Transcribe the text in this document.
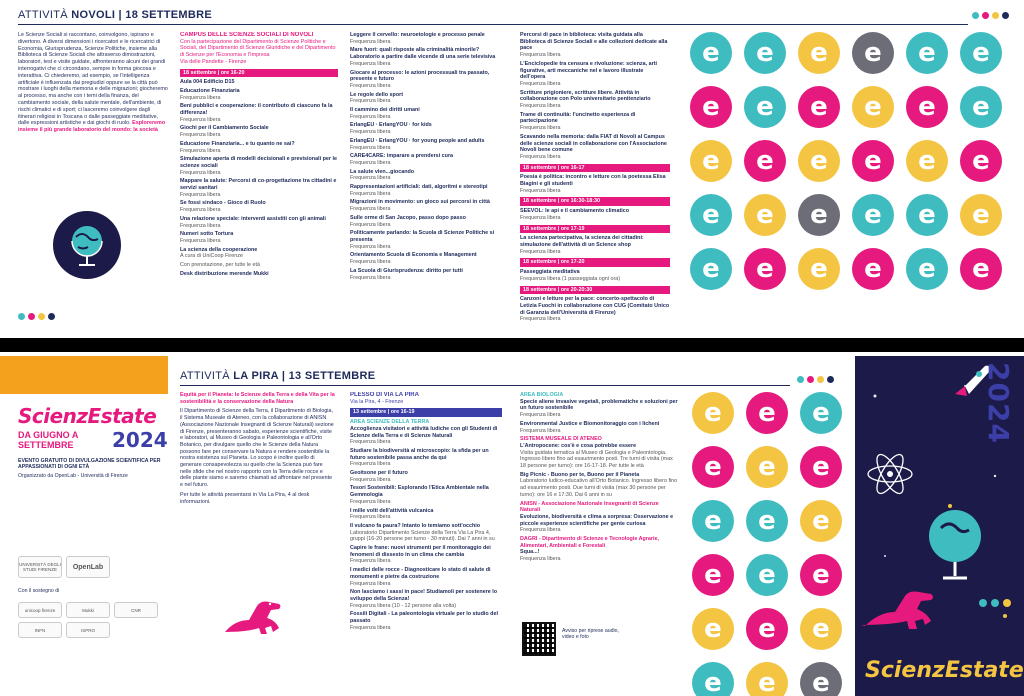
ATTIVITÀ NOVOLI | 18 SETTEMBRE
Le Scienze Sociali si raccontano, coinvolgono, ispirano e divertono. A diversi dimensioni i ricercatori e le ricercatrici di Economia, Giurisprudenza, Scienze Politiche, insieme alla Biblioteca di Scienze Sociali che attraverso dimostrazioni, laboratori, test e visite guidate, affronteranno alcuni dei grandi interrogativi che ci circondano, sempre in forma giocosa e interattiva. Ci chiederemo, ad esempio, se l'intelligenza artificiale è influenzata dai pregiudizi oppure se la città può mostrare i luoghi della memoria e delle migrazioni; giocheremo al processo, ma anche con i temi della finanza, del cambiamento sociale, della salute mentale, dell'ambiente, di rischi climatici e di sport; ci lasceremo coinvolgere dagli itinerari religiosi in Toscana o dalle passeggiate meditative, dalle espressioni artistiche e dai giochi di ruolo. Esploreremo insieme il più grande laboratorio del mondo: la società
CAMPUS DELLE SCIENZE SOCIALI DI NOVOLI
Con la partecipazione del Dipartimento di Scienze Politiche e Sociali, del Dipartimento di Scienze Giuridiche e del Dipartimento di Scienze per l'Economia e l'Impresa
Via delle Pandette - Firenze
18 settembre | ore 16-20
Aula 004 Edificio D15
Educazione Finanziaria
Frequenza libera
Beni pubblici e cooperazione: il contributo di ciascuno fa la differenza!
Frequenza libera
Giochi per il Cambiamento Sociale
Frequenza libera
Educazione Finanziaria... e tu quanto ne sai?
Frequenza libera
Simulazione aperta di modelli decisionali e previsionali per le scienze sociali
Frequenza libera
Mappare la salute: Percorsi di co-progettazione tra cittadini e servizi sanitari
Frequenza libera
Se fossi sindaco - Gioco di Ruolo
Frequenza libera
Una relazione speciale: interventi assistiti con gli animali
Frequenza libera
Numeri sotto Tortura
Frequenza libera
La scienza della cooperazione
A cura di UniCoop Firenze
Con prenotazione, per tutte le età
Desk distribuzione merende Mukki
Leggere il cervello: neuroetologie e processo penale
Frequenza libera
Mare fuori: quali risposte alla criminalità minorile? Laboratorio a partire dalle vicende di una serie televisiva
Frequenza libera
Giocare al processo: le azioni processuali tra passato, presente e futuro
Frequenza libera
Le regole dello sport
Frequenza libera
Il cammino dei diritti umani
Frequenza libera
ErlangEU · ErlangYOU · for kids
Frequenza libera
ErlangEU · ErlangYOU · for young people and adults
Frequenza libera
CARE4CARE: imparare a prendersi cura
Frequenza libera
La salute vien...giocando
Frequenza libera
Rappresentazioni artificiali: dati, algoritmi e stereotipi
Frequenza libera
Migrazioni in movimento: un gioco sui percorsi in città
Frequenza libera
Sulle orme di San Jacopo, passo dopo passo
Frequenza libera
Politicamente parlando: la Scuola di Scienze Politiche si presenta
Frequenza libera
Orientamento Scuola di Economia e Management
Frequenza libera
La Scuola di Giurisprudenza: diritto per tutti
Frequenza libera
Percorsi di pace in biblioteca: visita guidata alla Biblioteca di Scienze Sociali e alle collezioni dedicate alla pace
Frequenza libera
L'Enciclopedie tra censura e rivoluzione: scienza, arti figurative, arti meccaniche nel e lavoro illustrate dell'opera
Frequenza libera
Scritture prigioniere, scritture libere. Attività in collaborazione con Polo universitario penitenziario
Frequenza libera
Trame di continuità: l'uncinetto esperienza di partecipazione
Frequenza libera
Scavando nella memoria: dalla FIAT di Novoli al Campus delle scienze sociali in collaborazione con l'Associazione Novoli bene comune
Frequenza libera
18 settembre | ore 16-17
Poesia è politica: incontro e letture con la poetessa Elisa Biagini e gli studenti
Frequenza libera
18 settembre | ore 16:30-18:30
SEEVOL: le api e il cambiamento climatico
Frequenza libera
18 settembre | ore 17-19
La scienza partecipativa, la scienza dei cittadini: simulazione dell'attività di un Science shop
Frequenza libera
18 settembre | ore 17-20
Passeggiata meditativa
Frequenza libera (1 passeggiata ogni ora)
18 settembre | ore 20-20:30
Canzoni e letture per la pace: concerto-spettacolo di Letizia Fuochi in collaborazione con CUG (Comitato Unico di Garanzia dell'Università di Firenze)
Frequenza libera
e	e	e	e	e	e
e	e	e	e	e	e
e	e	e	e	e	e
e	e	e	e	e	e
e	e	e	e	e	e
ATTIVITÀ LA PIRA | 13 SETTEMBRE
ScienzEstate
DA GIUGNO A SETTEMBRE	2024
EVENTO GRATUITO DI DIVULGAZIONE SCIENTIFICA PER APPASSIONATI DI OGNI ETÀ
Organizzato da OpenLab - Università di Firenze
UNIVERSITÀ DEGLI STUDI FIRENZE	OpenLab
Con il sostegno di
unicoop firenze	Mukki	CNR
INFN	ISPRO
Equità per il Pianeta: le Scienze della Terra e della Vita per la sostenibilità e la conservazione della Natura
Il Dipartimento di Scienze della Terra, il Dipartimento di Biologia, il Sistema Museale di Ateneo, con la collaborazione di ANISN (Associazione Nazionale Insegnanti di Scienze Naturali) sezione di Firenze, presenteranno sabato, esperienze scientifiche, visite e laboratori, al Museo di Geologia e Paleontologia e all'Orto Botanico, per divulgare quello che le Scienze della Natura possono fare per conservare la Natura e rendere sostenibile la nostra esistenza sul Pianeta. Lo scopo è inoltre quello di generare consapevolezza su quello che la Scienza può fare nelle sfide che nel nostro rapporto con la Terra delle rocce e delle piante siamo e saremo chiamati ad affrontare nel presente e nel futuro.
Per tutte le attività presentarsi in Via La Pira, 4 al desk informazioni.
PLESSO DI VIA LA PIRA
Via la Pira, 4 - Firenze
13 settembre | ore 16-19
AREA SCIENZE DELLA TERRA
Accoglienza visitatori e attività ludiche con gli Studenti di Scienze della Terra e di Scienze Naturali
Frequenza libera
Studiare la biodiversità al microscopio: la sfida per un futuro sostenibile passa anche da qui
Frequenza libera
Geoitsone per il futuro
Frequenza libera
Tesori Sostenibili: Esplorando l'Etica Ambientale nella Gemmologia
Frequenza libera
I mille volti dell'attività vulcanica
Frequenza libera
Il vulcano fa paura? Intanto lo temiamo sott'occhio
Laboratorio Dipartimento Scienze della Terra Via La Pira 4, gruppi (16-20 persone per turno - 30 minuti). Dai 7 anni in su
Capire le frane: nuovi strumenti per il monitoraggio dei fenomeni di dissesto in un clima che cambia
Frequenza libera
I medici delle rocce - Diagnosticare lo stato di salute di monumenti e pietre da costruzione
Frequenza libera
Non lasciamo i sassi in pace! Studiamoli per sostenere lo sviluppo della Scienza!
Frequenza libera (10 - 12 persone alla volta)
Fossili Digitali - La paleontologia virtuale per lo studio del passato
Frequenza libera
AREA BIOLOGIA
Specie aliene invasive vegetali, problematiche e soluzioni per un futuro sostenibile
Frequenza libera
Environmental Justice e Biomonitoraggio con i licheni
Frequenza libera
SISTEMA MUSEALE DI ATENEO
L'Antropocene: cos'è e cosa potrebbe essere
Visita guidata tematica al Museo di Geologia e Paleontologia. Ingresso libero fino ad esaurimento posti. Tre turni di visita (max 18 persone per turno): ore 16-17-18. Per tutte le età
Big Picnic - Buono per te, Buono per il Pianeta
Laboratorio ludico-educativo all'Orto Botanico. Ingresso libero fino ad esaurimento posti. Due turni di visita (max 30 persone per turno): ore 16 e 17:30. Dai 6 anni in su
ANISN - Associazione Nazionale Insegnanti di Scienze Naturali
Evoluzione, biodiversità e clima a sorpresa: Osservazione e piccole esperienze scientifiche per gente curiosa
Frequenza libera
DAGRI - Dipartimento di Scienze e Tecnologie Agrarie, Alimentari, Ambientali e Forestali
Squa...!
Frequenza libera
Avviso per riprese audio, video e foto
e	e	e
e	e	e
e	e	e
e	e	e
e	e	e
e	e	e
2024
ScienzEstate
